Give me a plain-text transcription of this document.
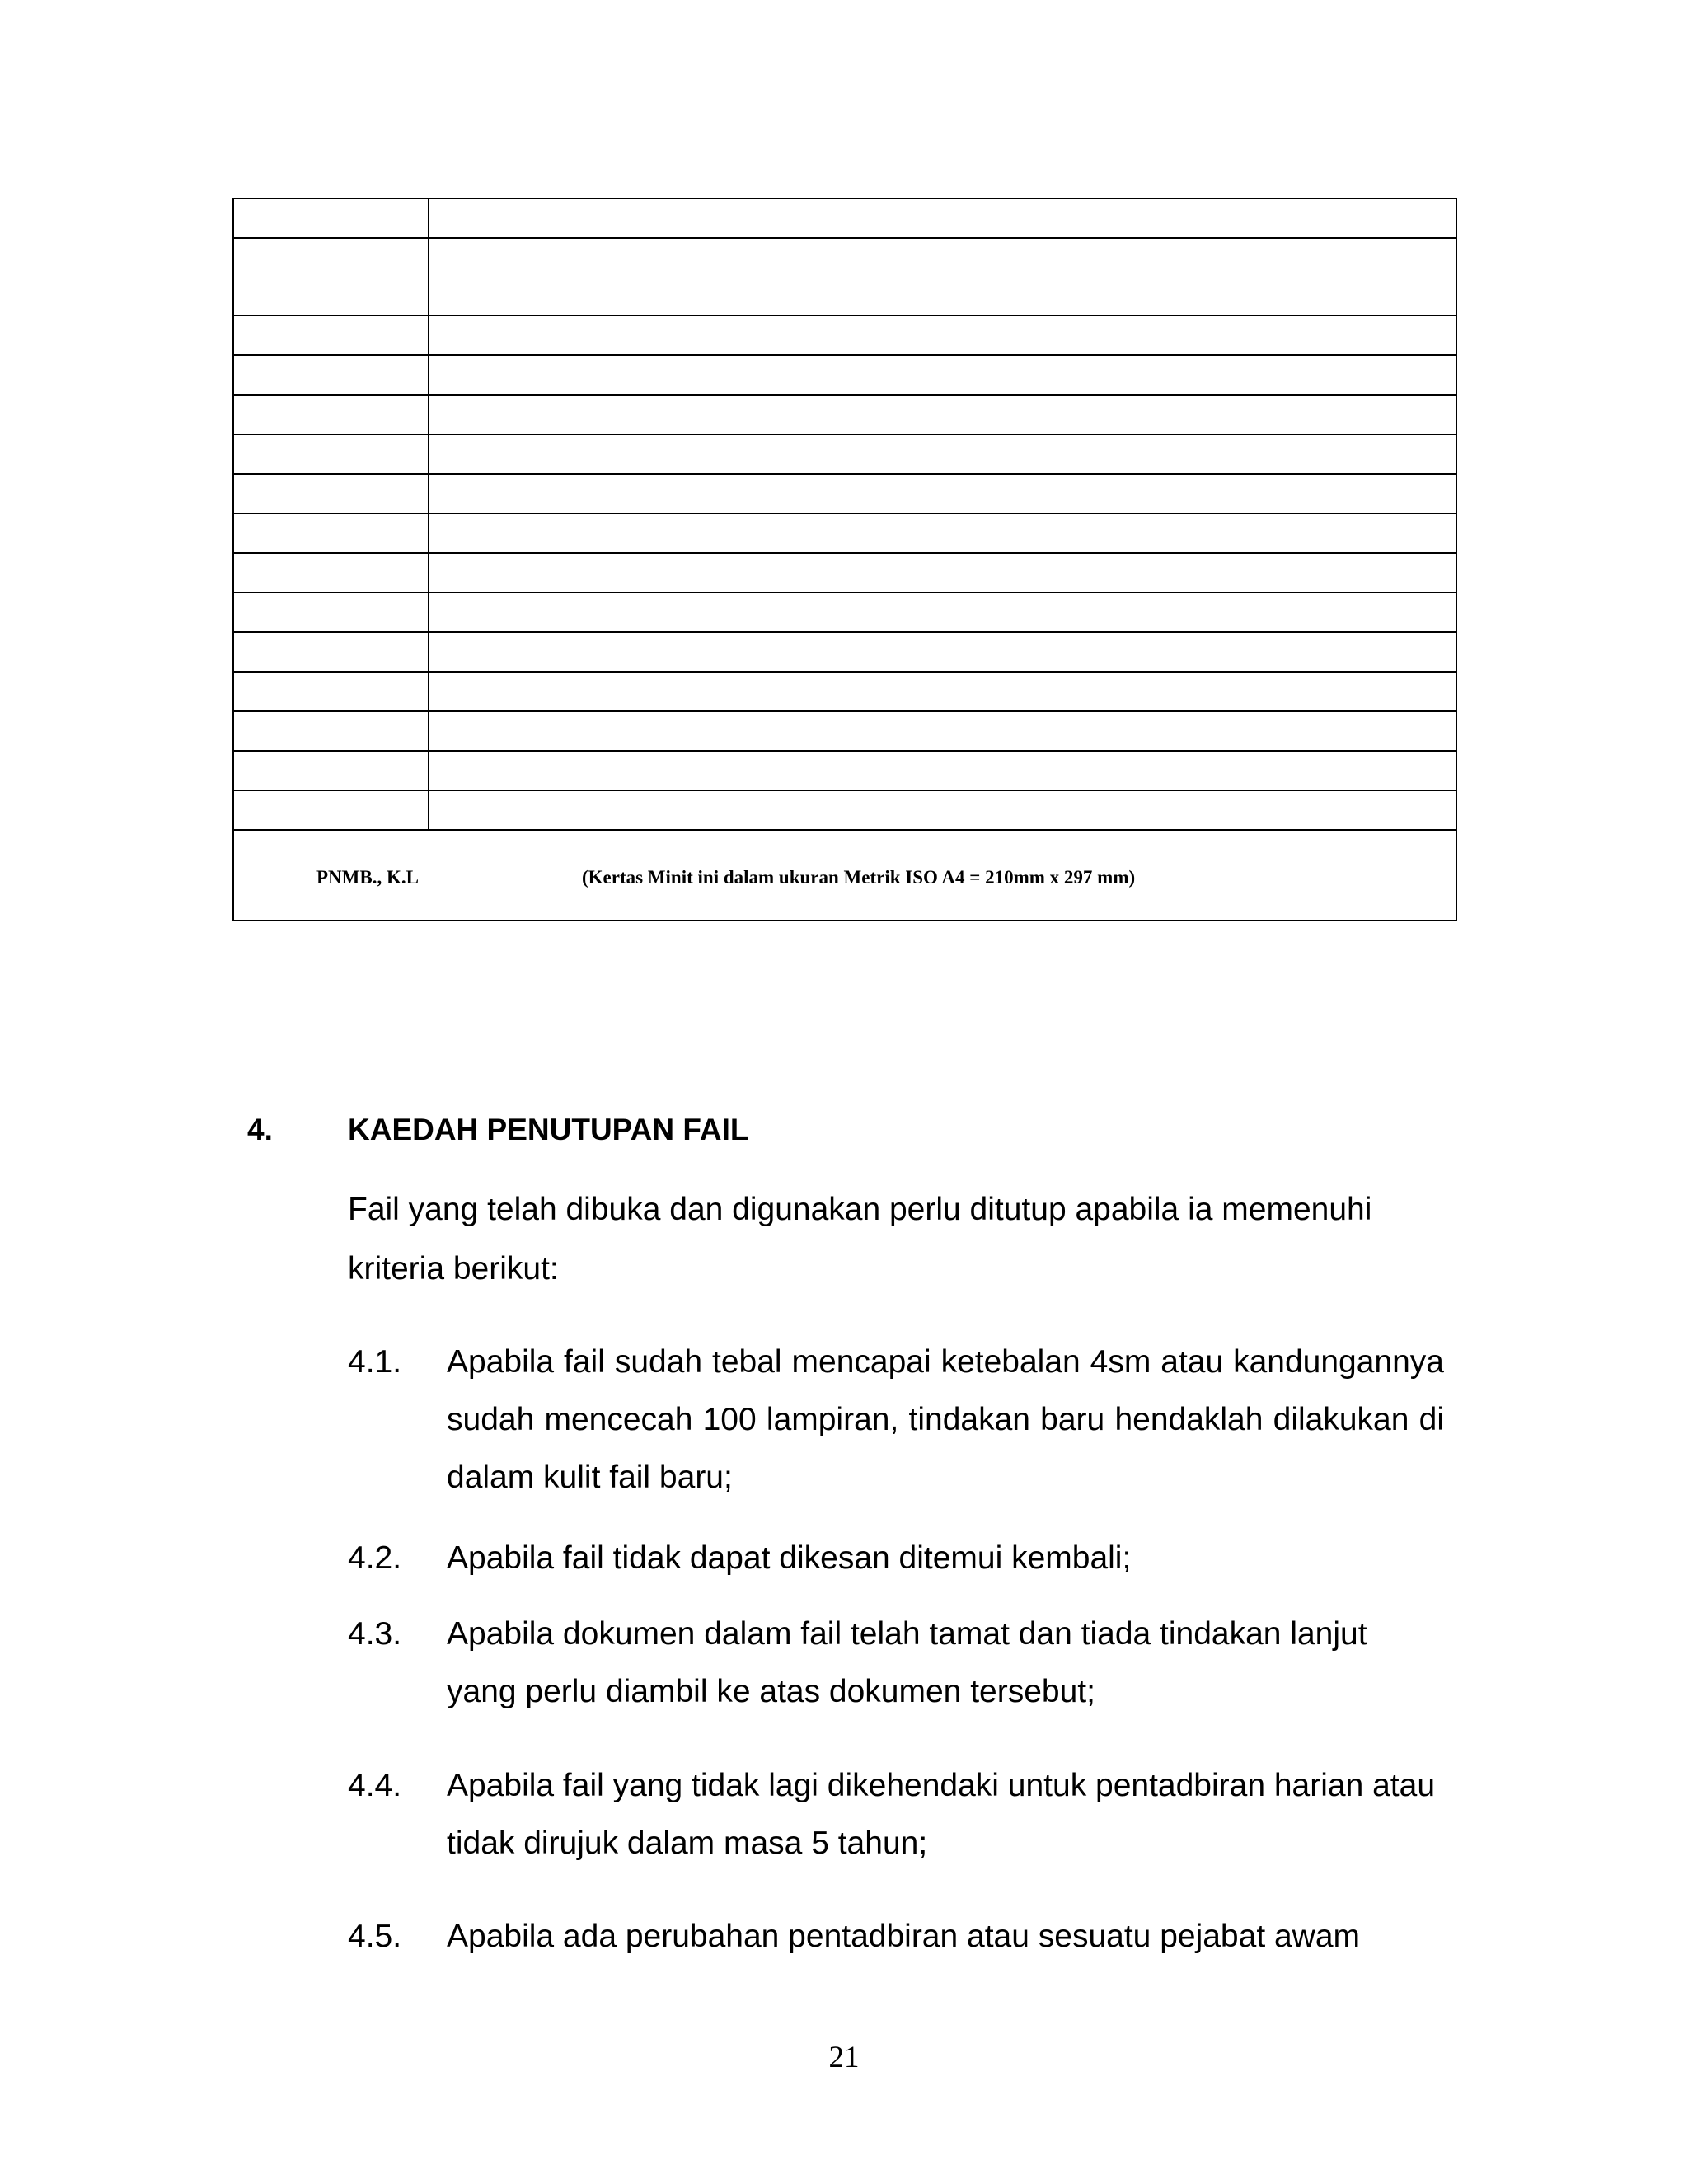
PNMB., K.L	(Kertas Minit ini dalam ukuran Metrik ISO A4 = 210mm x 297 mm)
4. KAEDAH PENUTUPAN FAIL
Fail yang telah dibuka dan digunakan perlu ditutup apabila ia memenuhi kriteria berikut:
4.1.	Apabila fail sudah tebal mencapai ketebalan 4sm atau kandungannya sudah mencecah 100 lampiran, tindakan baru hendaklah dilakukan di dalam kulit fail baru;
4.2.	Apabila fail tidak dapat dikesan ditemui kembali;
4.3.	Apabila dokumen dalam fail telah tamat dan tiada tindakan lanjut yang perlu diambil ke atas dokumen tersebut;
4.4.	Apabila fail yang tidak lagi dikehendaki untuk pentadbiran harian atau tidak dirujuk dalam masa 5 tahun;
4.5.	Apabila ada perubahan pentadbiran atau sesuatu pejabat awam
21
